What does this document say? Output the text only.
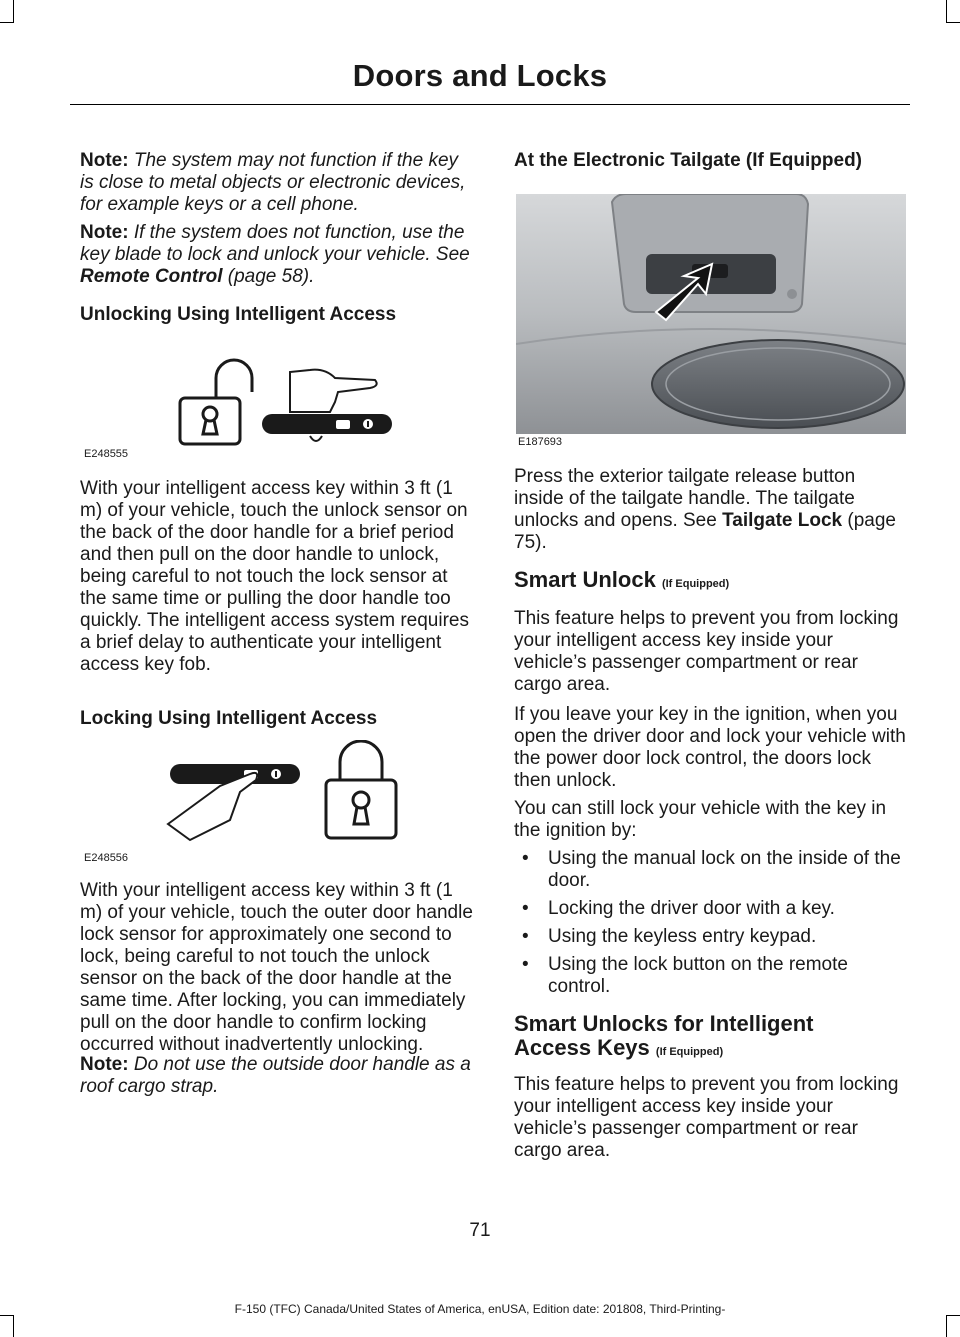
Doors and Locks
Note: The system may not function if the key is close to metal objects or electronic devices, for example keys or a cell phone.
Note: If the system does not function, use the key blade to lock and unlock your vehicle. See Remote Control (page 58).
Unlocking Using Intelligent Access
E248555
With your intelligent access key within 3 ft (1 m) of your vehicle, touch the unlock sensor on the back of the door handle for a brief period and then pull on the door handle to unlock, being careful to not touch the lock sensor at the same time or pulling the door handle too quickly. The intelligent access system requires a brief delay to authenticate your intelligent access key fob.
Locking Using Intelligent Access
E248556
With your intelligent access key within 3 ft (1 m) of your vehicle, touch the outer door handle lock sensor for approximately one second to lock, being careful to not touch the unlock sensor on the back of the door handle at the same time. After locking, you can immediately pull on the door handle to confirm locking occurred without inadvertently unlocking.
Note: Do not use the outside door handle as a roof cargo strap.
At the Electronic Tailgate (If Equipped)
E187693
Press the exterior tailgate release button inside of the tailgate handle. The tailgate unlocks and opens. See Tailgate Lock (page 75).
Smart Unlock (If Equipped)
This feature helps to prevent you from locking your intelligent access key inside your vehicle’s passenger compartment or rear cargo area.
If you leave your key in the ignition, when you open the driver door and lock your vehicle with the power door lock control, the doors lock then unlock.
You can still lock your vehicle with the key in the ignition by:
• Using the manual lock on the inside of the door.
• Locking the driver door with a key.
• Using the keyless entry keypad.
• Using the lock button on the remote control.
Smart Unlocks for Intelligent
Access Keys (If Equipped)
This feature helps to prevent you from locking your intelligent access key inside your vehicle’s passenger compartment or rear cargo area.
71
F-150 (TFC) Canada/United States of America, enUSA, Edition date: 201808, Third-Printing-
